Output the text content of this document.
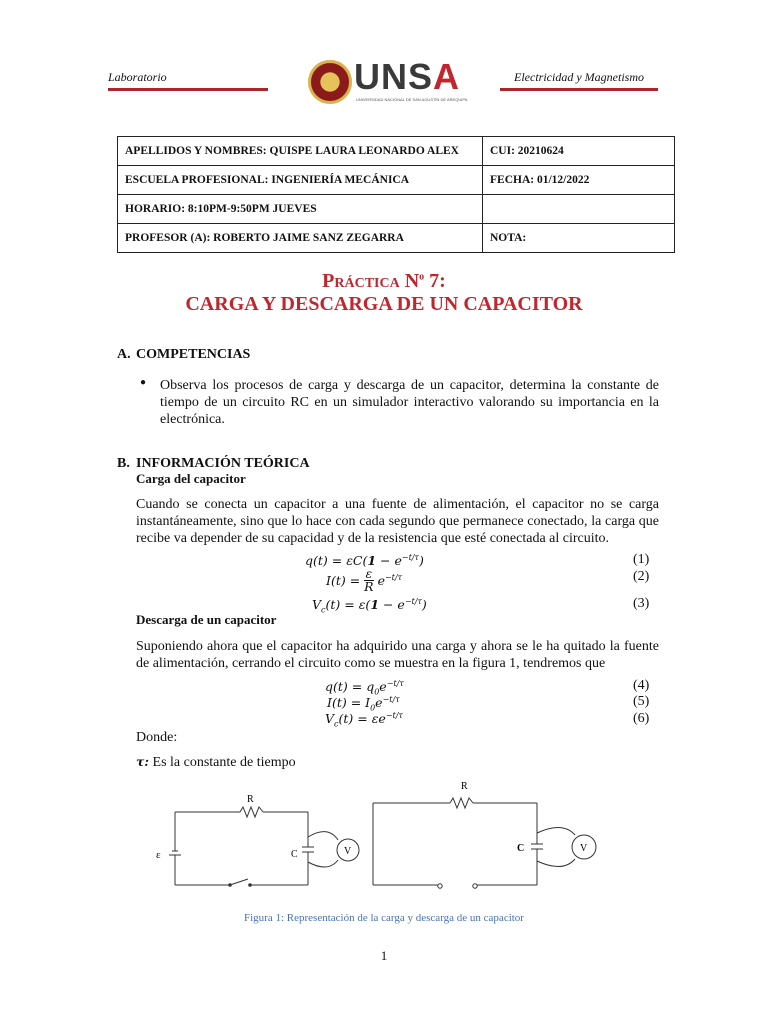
Laboratorio	UNSA
UNIVERSIDAD NACIONAL DE SAN AGUSTÍN DE AREQUIPA
Electricidad y Magnetismo
APELLIDOS Y NOMBRES: QUISPE LAURA LEONARDO ALEX	CUI: 20210624
ESCUELA PROFESIONAL: INGENIERÍA MECÁNICA	FECHA: 01/12/2022
HORARIO: 8:10PM-9:50PM JUEVES	
PROFESOR (A): ROBERTO JAIME SANZ ZEGARRA	NOTA:
PRÁCTICA $N^o$ 7:
CARGA Y DESCARGA DE UN CAPACITOR
A. COMPETENCIAS
● Observa los procesos de carga y descarga de un capacitor, determina la constante de tiempo de un circuito RC en un simulador interactivo valorando su importancia en la electrónica.
B. INFORMACIÓN TEÓRICA
Carga del capacitor
Cuando se conecta un capacitor a una fuente de alimentación, el capacitor no se carga instantáneamente, sino que lo hace con cada segundo que permanece conectado, la carga que recibe va depender de su capacidad y de la resistencia que esté conectada al circuito.
$q(t) = \varepsilon C(1 - e^{-t/\tau})$	(1)
$I(t) = \frac{\varepsilon}{R} e^{-t/\tau}$	(2)
$V_c(t) = \varepsilon(1 - e^{-t/\tau})$	(3)
Descarga de un capacitor
Suponiendo ahora que el capacitor ha adquirido una carga y ahora se le ha quitado la fuente de alimentación, cerrando el circuito como se muestra en la figura 1, tendremos que
$q(t) = q_0e^{-t/\tau}$	(4)
$I(t) = I_0e^{-t/\tau}$	(5)
$V_c(t) = \varepsilon e^{-t/\tau}$	(6)
Donde:
τ: Es la constante de tiempo
R
ε	C	V
R
C	V
Figura 1: Representación de la carga y descarga de un capacitor
1
